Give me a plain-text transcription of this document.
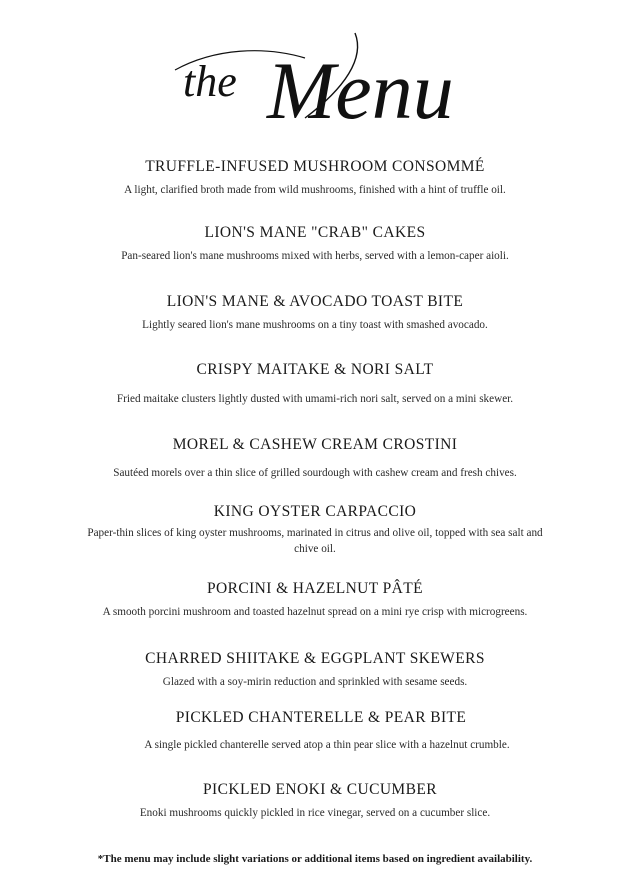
the Menu
TRUFFLE-INFUSED MUSHROOM CONSOMMÉ
A light, clarified broth made from wild mushrooms, finished with a hint of truffle oil.
LION'S MANE "CRAB" CAKES
Pan-seared lion's mane mushrooms mixed with herbs, served with a lemon-caper aioli.
LION'S MANE & AVOCADO TOAST BITE
Lightly seared lion's mane mushrooms on a tiny toast with smashed avocado.
CRISPY MAITAKE & NORI SALT
Fried maitake clusters lightly dusted with umami-rich nori salt, served on a mini skewer.
MOREL & CASHEW CREAM CROSTINI
Sautéed morels over a thin slice of grilled sourdough with cashew cream and fresh chives.
KING OYSTER CARPACCIO
Paper-thin slices of king oyster mushrooms, marinated in citrus and olive oil, topped with sea salt and chive oil.
PORCINI & HAZELNUT PÂTÉ
A smooth porcini mushroom and toasted hazelnut spread on a mini rye crisp with microgreens.
CHARRED SHIITAKE & EGGPLANT SKEWERS
Glazed with a soy-mirin reduction and sprinkled with sesame seeds.
PICKLED CHANTERELLE & PEAR BITE
A single pickled chanterelle served atop a thin pear slice with a hazelnut crumble.
PICKLED ENOKI & CUCUMBER
Enoki mushrooms quickly pickled in rice vinegar, served on a cucumber slice.
*The menu may include slight variations or additional items based on ingredient availability.
